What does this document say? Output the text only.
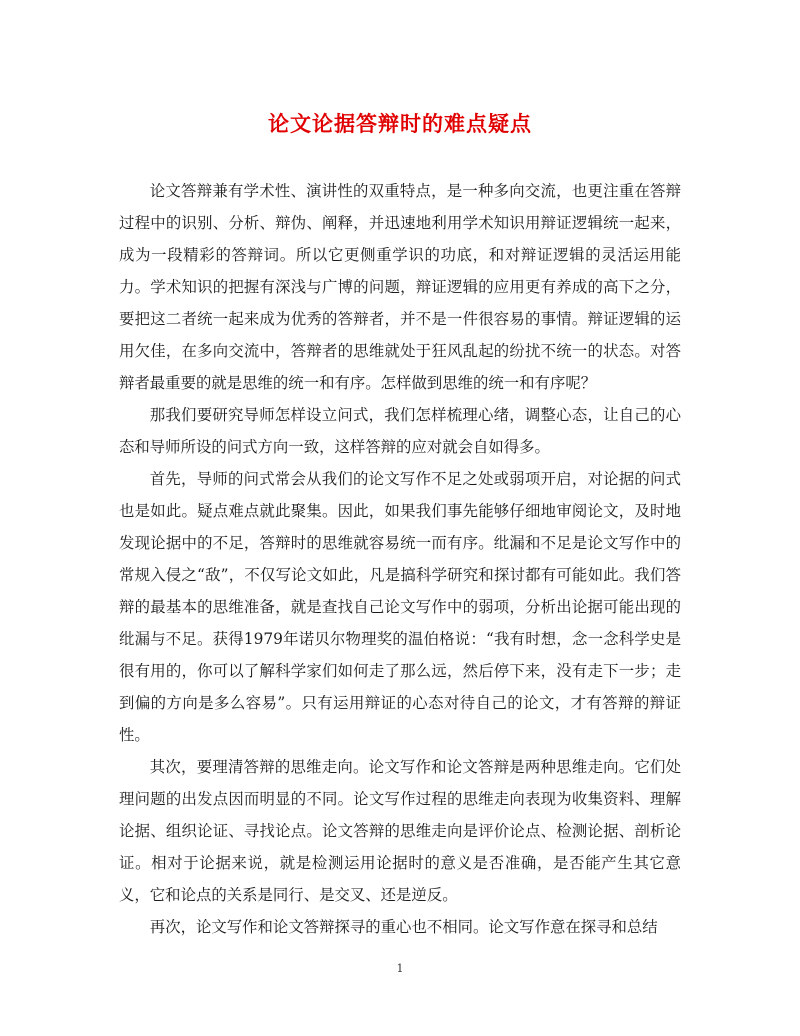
论文论据答辩时的难点疑点

论文答辩兼有学术性、演讲性的双重特点，是一种多向交流，也更注重在答辩过程中的识别、分析、辩伪、阐释，并迅速地利用学术知识用辩证逻辑统一起来，成为一段精彩的答辩词。所以它更侧重学识的功底，和对辩证逻辑的灵活运用能力。学术知识的把握有深浅与广博的问题，辩证逻辑的应用更有养成的高下之分，要把这二者统一起来成为优秀的答辩者，并不是一件很容易的事情。辩证逻辑的运用欠佳，在多向交流中，答辩者的思维就处于狂风乱起的纷扰不统一的状态。对答辩者最重要的就是思维的统一和有序。怎样做到思维的统一和有序呢？

那我们要研究导师怎样设立问式，我们怎样梳理心绪，调整心态，让自己的心态和导师所设的问式方向一致，这样答辩的应对就会自如得多。

首先，导师的问式常会从我们的论文写作不足之处或弱项开启，对论据的问式也是如此。疑点难点就此聚集。因此，如果我们事先能够仔细地审阅论文，及时地发现论据中的不足，答辩时的思维就容易统一而有序。纰漏和不足是论文写作中的常规入侵之“敌”，不仅写论文如此，凡是搞科学研究和探讨都有可能如此。我们答辩的最基本的思维准备，就是查找自己论文写作中的弱项，分析出论据可能出现的纰漏与不足。获得1979年诺贝尔物理奖的温伯格说：“我有时想，念一念科学史是很有用的，你可以了解科学家们如何走了那么远，然后停下来，没有走下一步；走到偏的方向是多么容易”。只有运用辩证的心态对待自己的论文，才有答辩的辩证性。

其次，要理清答辩的思维走向。论文写作和论文答辩是两种思维走向。它们处理问题的出发点因而明显的不同。论文写作过程的思维走向表现为收集资料、理解论据、组织论证、寻找论点。论文答辩的思维走向是评价论点、检测论据、剖析论证。相对于论据来说，就是检测运用论据时的意义是否准确，是否能产生其它意义，它和论点的关系是同行、是交叉、还是逆反。

再次，论文写作和论文答辩探寻的重心也不相同。论文写作意在探寻和总结

1
